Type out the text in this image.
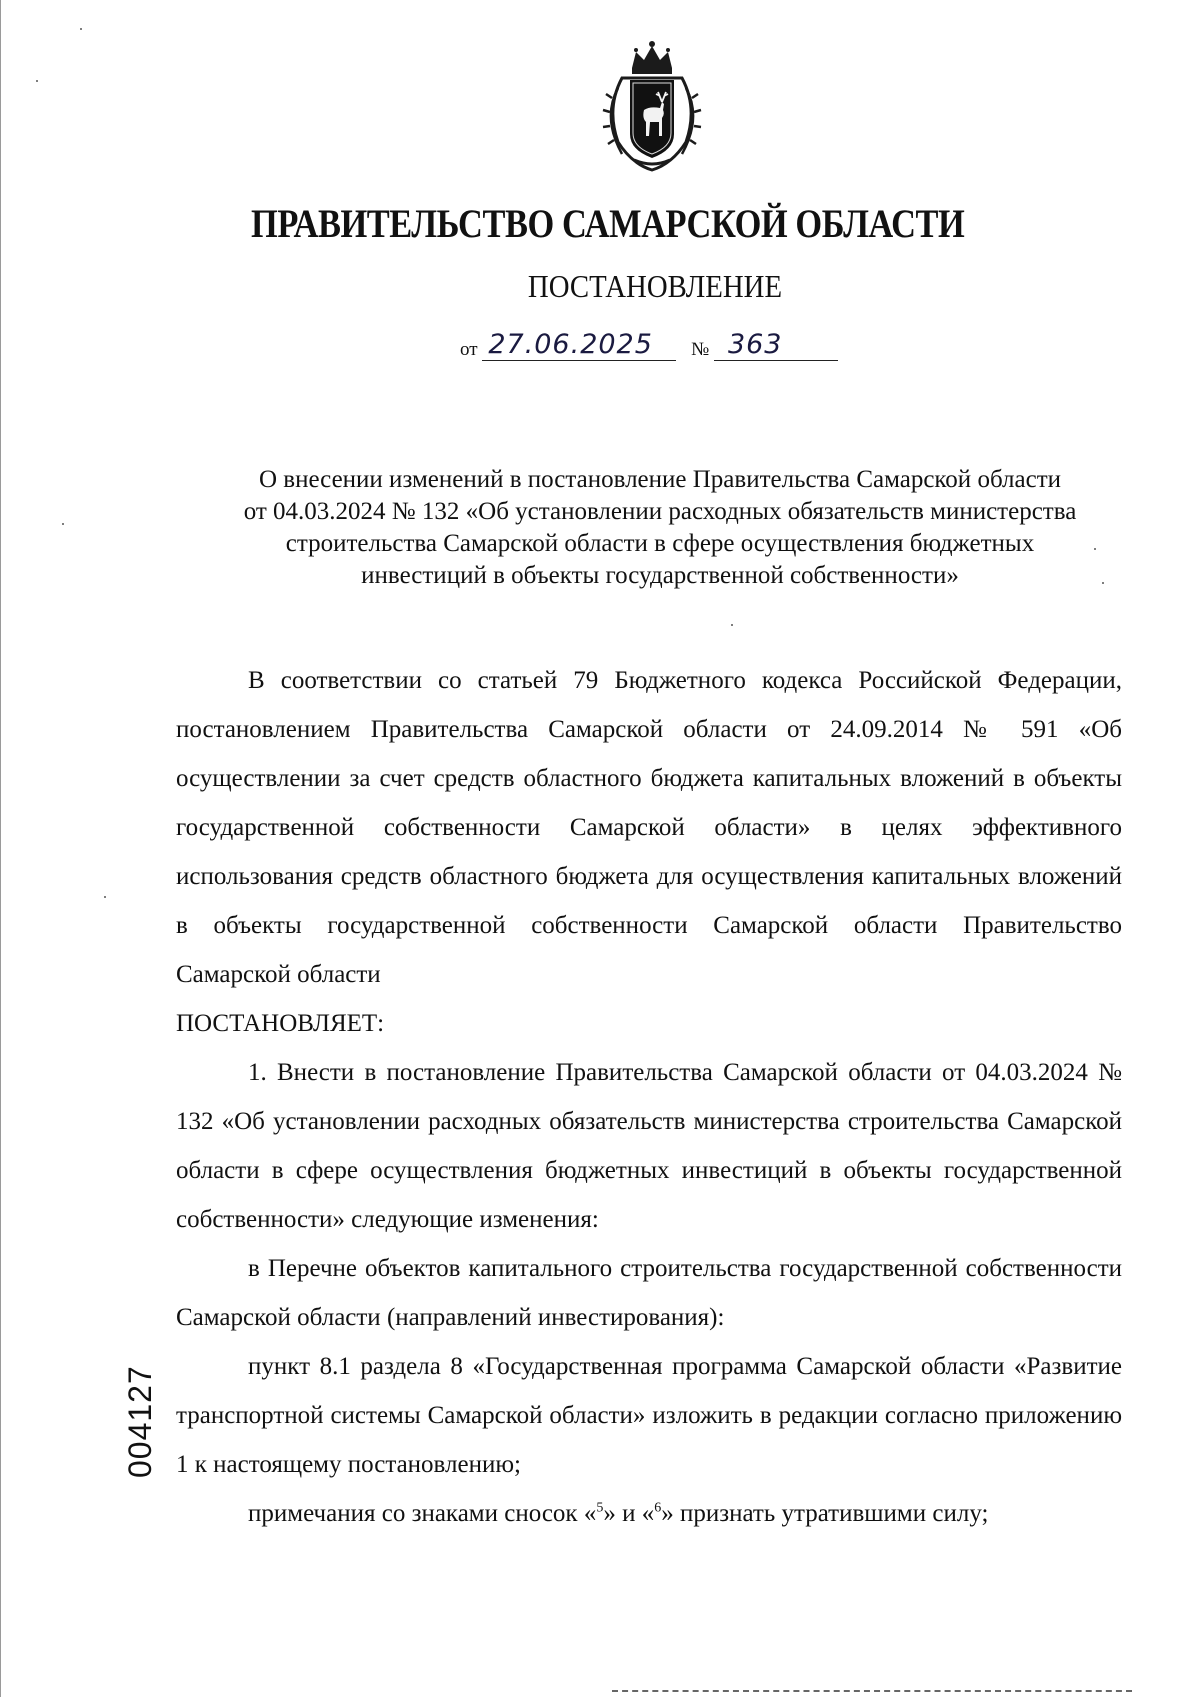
ПРАВИТЕЛЬСТВО САМАРСКОЙ ОБЛАСТИ
ПОСТАНОВЛЕНИЕ
от 27.06.2025 № 363
О внесении изменений в постановление Правительства Самарской области
от 04.03.2024 № 132 «Об установлении расходных обязательств министерства
строительства Самарской области в сфере осуществления бюджетных
инвестиций в объекты государственной собственности»

В соответствии со статьей 79 Бюджетного кодекса Российской Федерации, постановлением Правительства Самарской области от 24.09.2014 № 591 «Об осуществлении за счет средств областного бюджета капитальных вложений в объекты государственной собственности Самарской области» в целях эффективного использования средств областного бюджета для осуществления капитальных вложений в объекты государственной собственности Самарской области Правительство Самарской области

ПОСТАНОВЛЯЕТ:

1. Внести в постановление Правительства Самарской области от 04.03.2024 № 132 «Об установлении расходных обязательств министерства строительства Самарской области в сфере осуществления бюджетных инвестиций в объекты государственной собственности» следующие изменения:

в Перечне объектов капитального строительства государственной собственности Самарской области (направлений инвестирования):

пункт 8.1 раздела 8 «Государственная программа Самарской области «Развитие транспортной системы Самарской области» изложить в редакции согласно приложению 1 к настоящему постановлению;

примечания со знаками сносок «$^5$» и «$^6$» признать утратившими силу;

004127
